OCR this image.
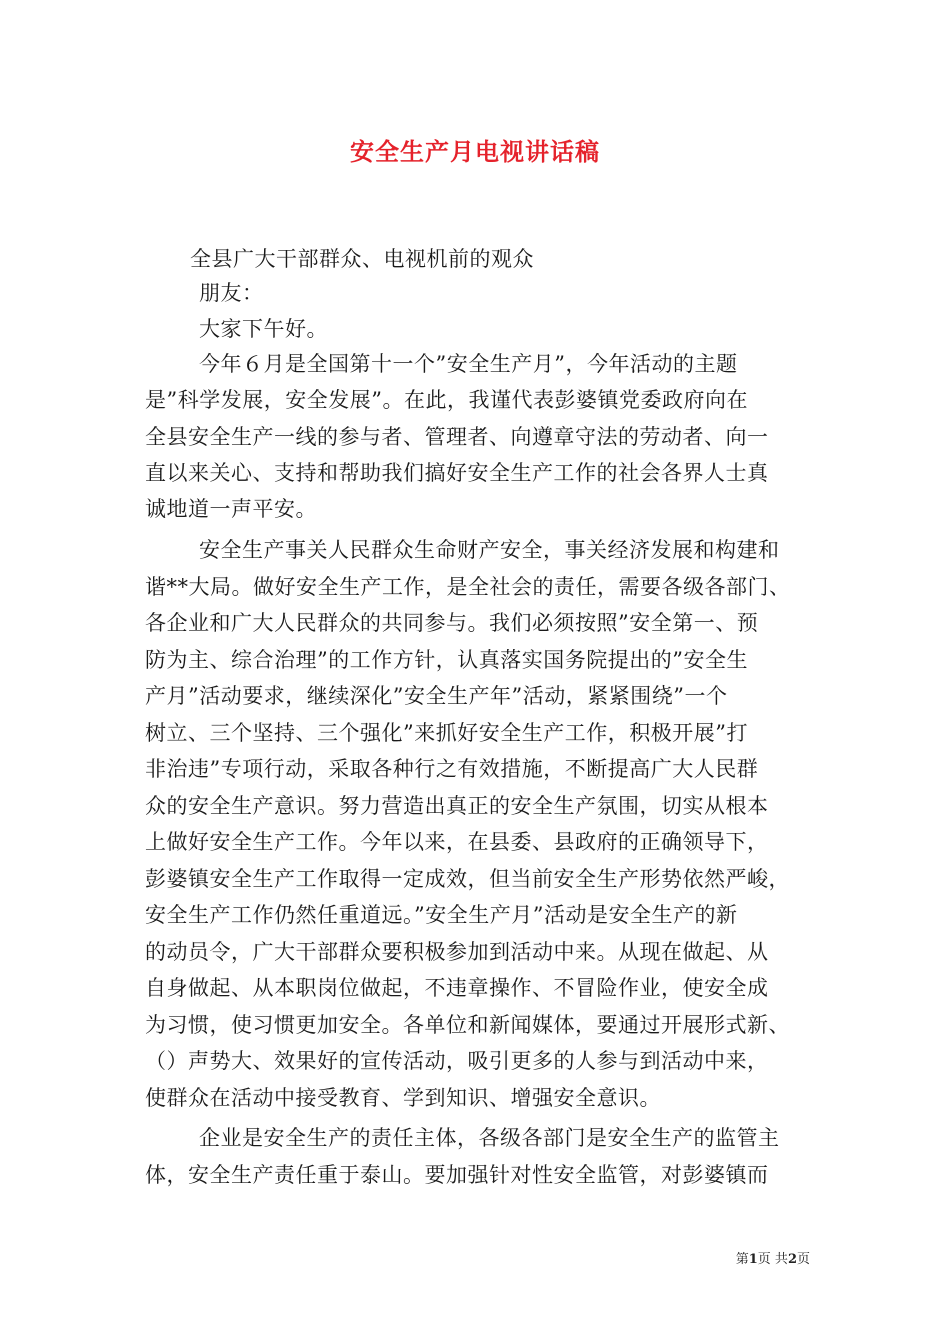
安全生产月电视讲话稿
全县广大干部群众、电视机前的观众
朋友：
大家下午好。
今年６月是全国第十一个”安全生产月”，今年活动的主题
是”科学发展，安全发展”。在此，我谨代表彭婆镇党委政府向在
全县安全生产一线的参与者、管理者、向遵章守法的劳动者、向一
直以来关心、支持和帮助我们搞好安全生产工作的社会各界人士真
诚地道一声平安。
安全生产事关人民群众生命财产安全，事关经济发展和构建和
谐**大局。做好安全生产工作，是全社会的责任，需要各级各部门、
各企业和广大人民群众的共同参与。我们必须按照”安全第一、预
防为主、综合治理”的工作方针，认真落实国务院提出的”安全生
产月”活动要求，继续深化”安全生产年”活动，紧紧围绕”一个
树立、三个坚持、三个强化”来抓好安全生产工作，积极开展”打
非治违”专项行动，采取各种行之有效措施，不断提高广大人民群
众的安全生产意识。努力营造出真正的安全生产氛围，切实从根本
上做好安全生产工作。今年以来，在县委、县政府的正确领导下，
彭婆镇安全生产工作取得一定成效，但当前安全生产形势依然严峻，
安全生产工作仍然任重道远。”安全生产月”活动是安全生产的新
的动员令，广大干部群众要积极参加到活动中来。从现在做起、从
自身做起、从本职岗位做起，不违章操作、不冒险作业，使安全成
为习惯，使习惯更加安全。各单位和新闻媒体，要通过开展形式新、
（）声势大、效果好的宣传活动，吸引更多的人参与到活动中来，
使群众在活动中接受教育、学到知识、增强安全意识。
企业是安全生产的责任主体，各级各部门是安全生产的监管主
体，安全生产责任重于泰山。要加强针对性安全监管，对彭婆镇而
第1页 共2页
